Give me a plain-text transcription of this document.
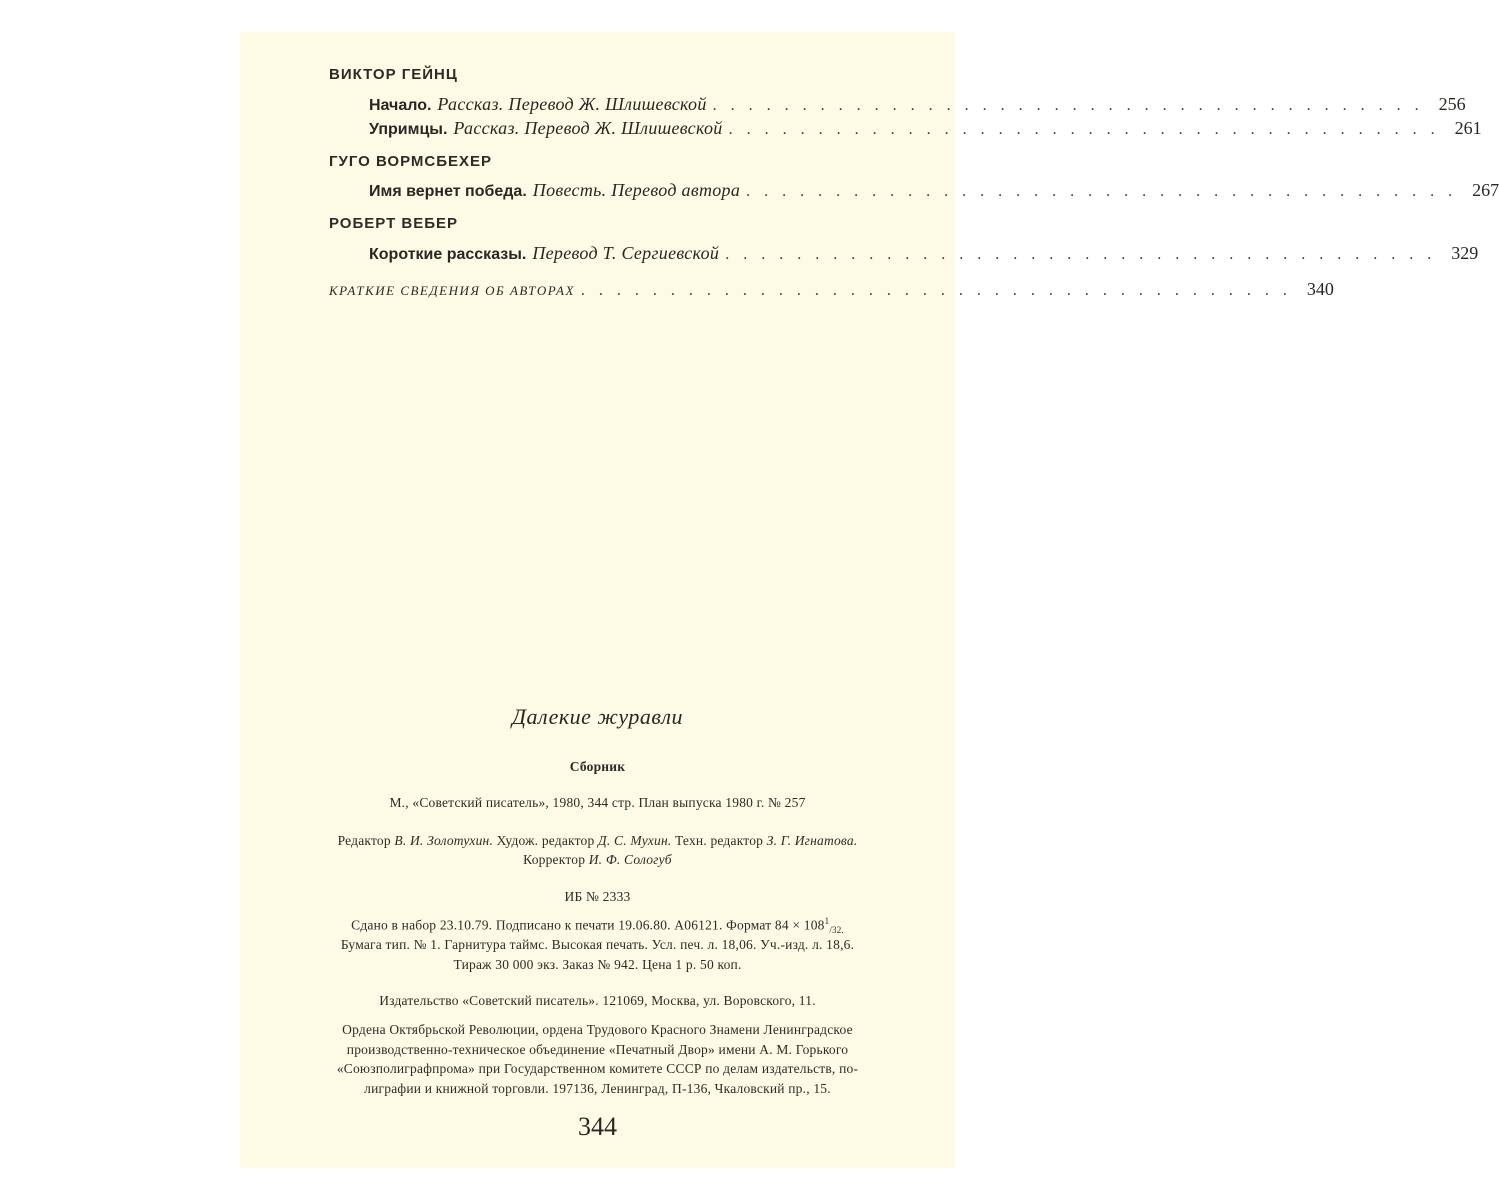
ВИКТОР ГЕЙНЦ
Начало. Рассказ. Перевод Ж. Шлишевской ........................................ 256
Упримцы. Рассказ. Перевод Ж. Шлишевской ........................................ 261
ГУГО ВОРМСБЕХЕР
Имя вернет победа. Повесть. Перевод автора ........................................ 267
РОБЕРТ ВЕБЕР
Короткие рассказы. Перевод Т. Сергиевской ........................................ 329
КРАТКИЕ СВЕДЕНИЯ ОБ АВТОРАХ ........................................ 340
Далекие журавли
Сборник
М., «Советский писатель», 1980, 344 стр. План выпуска 1980 г. № 257
Редактор В. И. Золотухин. Худож. редактор Д. С. Мухин. Техн. редактор З. Г. Игнатова.
Корректор И. Ф. Сологуб
ИБ № 2333
Сдано в набор 23.10.79. Подписано к печати 19.06.80. А06121. Формат $84 \times 108^1_{/32.}$
Бумага тип. № 1. Гарнитура таймс. Высокая печать. Усл. печ. л. 18,06. Уч.-изд. л. 18,6.
Тираж 30 000 экз. Заказ № 942. Цена 1 р. 50 коп.
Издательство «Советский писатель». 121069, Москва, ул. Воровского, 11.
Ордена Октябрьской Революции, ордена Трудового Красного Знамени Ленинградское
производственно-техническое объединение «Печатный Двор» имени А. М. Горького
«Союзполиграфпрома» при Государственном комитете СССР по делам издательств, по-
лиграфии и книжной торговли. 197136, Ленинград, П-136, Чкаловский пр., 15.
344
